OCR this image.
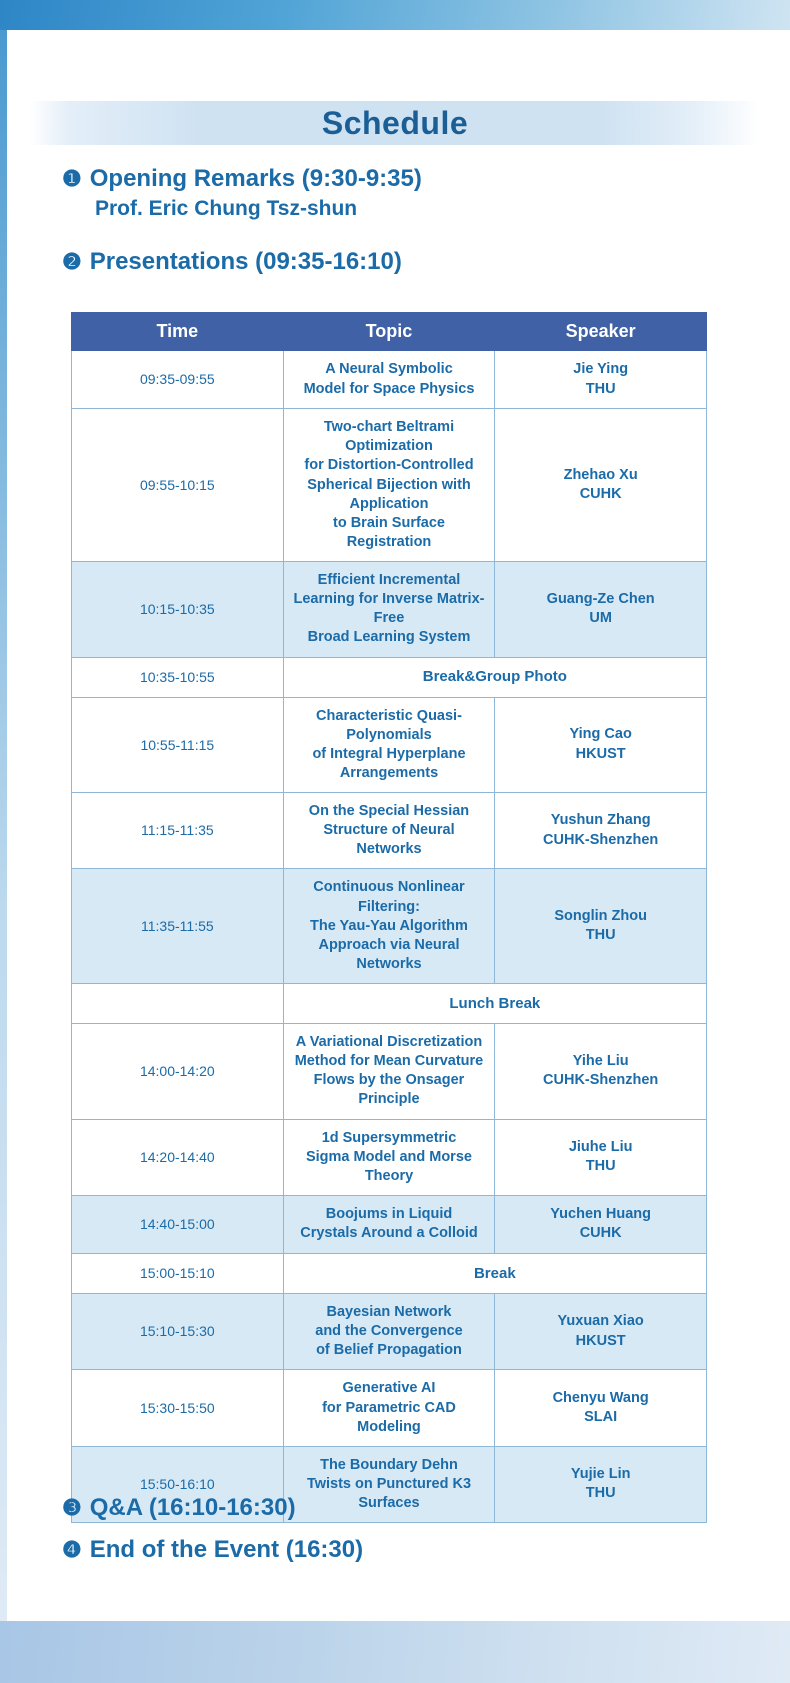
Schedule
❶ Opening Remarks (9:30-9:35)
Prof. Eric Chung Tsz-shun
❷ Presentations (09:35-16:10)
Time	Topic	Speaker
09:35-09:55	A Neural Symbolic
Model for Space Physics	Jie Ying
THU

09:55-10:15	Two-chart Beltrami Optimization
for Distortion-Controlled
Spherical Bijection with Application
to Brain Surface Registration	Zhehao Xu
CUHK

10:15-10:35	Efficient Incremental
Learning for Inverse Matrix-Free
Broad Learning System	Guang-Ze Chen
UM

10:35-10:55	Break&Group Photo	
10:55-11:15	Characteristic Quasi-Polynomials
of Integral Hyperplane Arrangements	Ying Cao
HKUST

11:15-11:35	On the Special Hessian
Structure of Neural Networks	Yushun Zhang
CUHK-Shenzhen

11:35-11:55	Continuous Nonlinear Filtering:
The Yau-Yau Algorithm
Approach via Neural Networks	Songlin Zhou
THU

	Lunch Break	
14:00-14:20	A Variational Discretization
Method for Mean Curvature
Flows by the Onsager Principle	Yihe Liu
CUHK-Shenzhen

14:20-14:40	1d Supersymmetric
Sigma Model and Morse Theory	Jiuhe Liu
THU

14:40-15:00	Boojums in Liquid
Crystals Around a Colloid	Yuchen Huang
CUHK

15:00-15:10	Break	
15:10-15:30	Bayesian Network
and the Convergence
of Belief Propagation	Yuxuan Xiao
HKUST

15:30-15:50	Generative AI
for Parametric CAD Modeling	Chenyu Wang
SLAI

15:50-16:10	The Boundary Dehn
Twists on Punctured K3 Surfaces	Yujie Lin
THU
❸ Q&A (16:10-16:30)
❹ End of the Event (16:30)
